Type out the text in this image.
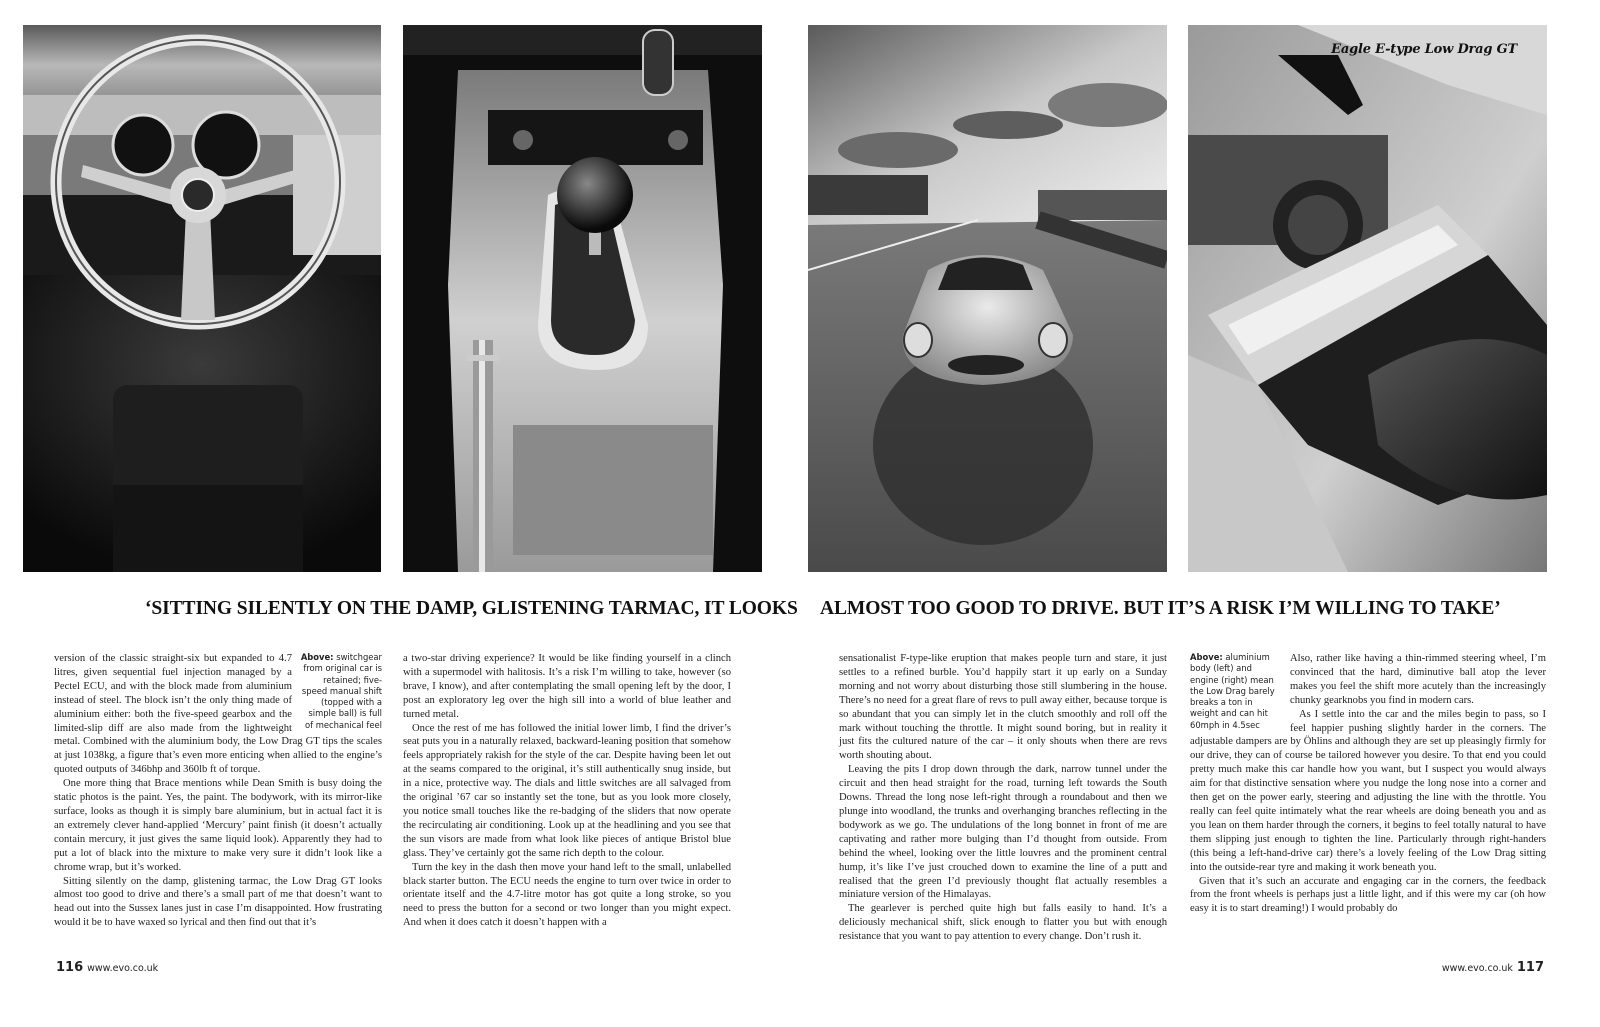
Eagle E-type Low Drag GT
‘SITTING SILENTLY ON THE DAMP, GLISTENING TARMAC, IT LOOKS ALMOST TOO GOOD TO DRIVE. BUT IT’S A RISK I’M WILLING TO TAKE’
Above: switchgear from original car is retained; five-speed manual shift (topped with a simple ball) is full of mechanical feel

version of the classic straight-six but expanded to 4.7 litres, given sequential fuel injection managed by a Pectel ECU, and with the block made from aluminium instead of steel. The block isn’t the only thing made of aluminium either: both the five-speed gearbox and the limited-slip diff are also made from the lightweight metal. Combined with the aluminium body, the Low Drag GT tips the scales at just 1038kg, a figure that’s even more enticing when allied to the engine’s quoted outputs of 346bhp and 360lb ft of torque.

One more thing that Brace mentions while Dean Smith is busy doing the static photos is the paint. Yes, the paint. The bodywork, with its mirror-like surface, looks as though it is simply bare aluminium, but in actual fact it is an extremely clever hand-applied ‘Mercury’ paint finish (it doesn’t actually contain mercury, it just gives the same liquid look). Apparently they had to put a lot of black into the mixture to make very sure it didn’t look like a chrome wrap, but it’s worked.

Sitting silently on the damp, glistening tarmac, the Low Drag GT looks almost too good to drive and there’s a small part of me that doesn’t want to head out into the Sussex lanes just in case I’m disappointed. How frustrating would it be to have waxed so lyrical and then find out that it’s

a two-star driving experience? It would be like finding yourself in a clinch with a supermodel with halitosis. It’s a risk I’m willing to take, however (so brave, I know), and after contemplating the small opening left by the door, I post an exploratory leg over the high sill into a world of blue leather and turned metal.

Once the rest of me has followed the initial lower limb, I find the driver’s seat puts you in a naturally relaxed, backward-leaning position that somehow feels appropriately rakish for the style of the car. Despite having been let out at the seams compared to the original, it’s still authentically snug inside, but in a nice, protective way. The dials and little switches are all salvaged from the original ’67 car so instantly set the tone, but as you look more closely, you notice small touches like the re-badging of the sliders that now operate the recirculating air conditioning. Look up at the headlining and you see that the sun visors are made from what look like pieces of antique Bristol blue glass. They’ve certainly got the same rich depth to the colour.

Turn the key in the dash then move your hand left to the small, unlabelled black starter button. The ECU needs the engine to turn over twice in order to orientate itself and the 4.7-litre motor has got quite a long stroke, so you need to press the button for a second or two longer than you might expect. And when it does catch it doesn’t happen with a

sensationalist F-type-like eruption that makes people turn and stare, it just settles to a refined burble. You’d happily start it up early on a Sunday morning and not worry about disturbing those still slumbering in the house. There’s no need for a great flare of revs to pull away either, because torque is so abundant that you can simply let in the clutch smoothly and roll off the mark without touching the throttle. It might sound boring, but in reality it just fits the cultured nature of the car – it only shouts when there are revs worth shouting about.

Leaving the pits I drop down through the dark, narrow tunnel under the circuit and then head straight for the road, turning left towards the South Downs. Thread the long nose left-right through a roundabout and then we plunge into woodland, the trunks and overhanging branches reflecting in the bodywork as we go. The undulations of the long bonnet in front of me are captivating and rather more bulging than I’d thought from outside. From behind the wheel, looking over the little louvres and the prominent central hump, it’s like I’ve just crouched down to examine the line of a putt and realised that the green I’d previously thought flat actually resembles a miniature version of the Himalayas.

The gearlever is perched quite high but falls easily to hand. It’s a deliciously mechanical shift, slick enough to flatter you but with enough resistance that you want to pay attention to every change. Don’t rush it.

Above: aluminium body (left) and engine (right) mean the Low Drag barely breaks a ton in weight and can hit 60mph in 4.5sec

Also, rather like having a thin-rimmed steering wheel, I’m convinced that the hard, diminutive ball atop the lever makes you feel the shift more acutely than the increasingly chunky gearknobs you find in modern cars.

As I settle into the car and the miles begin to pass, so I feel happier pushing slightly harder in the corners. The adjustable dampers are by Öhlins and although they are set up pleasingly firmly for our drive, they can of course be tailored however you desire. To that end you could pretty much make this car handle how you want, but I suspect you would always aim for that distinctive sensation where you nudge the long nose into a corner and then get on the power early, steering and adjusting the line with the throttle. You really can feel quite intimately what the rear wheels are doing beneath you and as you lean on them harder through the corners, it begins to feel totally natural to have them slipping just enough to tighten the line. Particularly through right-handers (this being a left-hand-drive car) there’s a lovely feeling of the Low Drag sitting into the outside-rear tyre and making it work beneath you.

Given that it’s such an accurate and engaging car in the corners, the feedback from the front wheels is perhaps just a little light, and if this were my car (oh how easy it is to start dreaming!) I would probably do

116 www.evo.co.uk	www.evo.co.uk 117
